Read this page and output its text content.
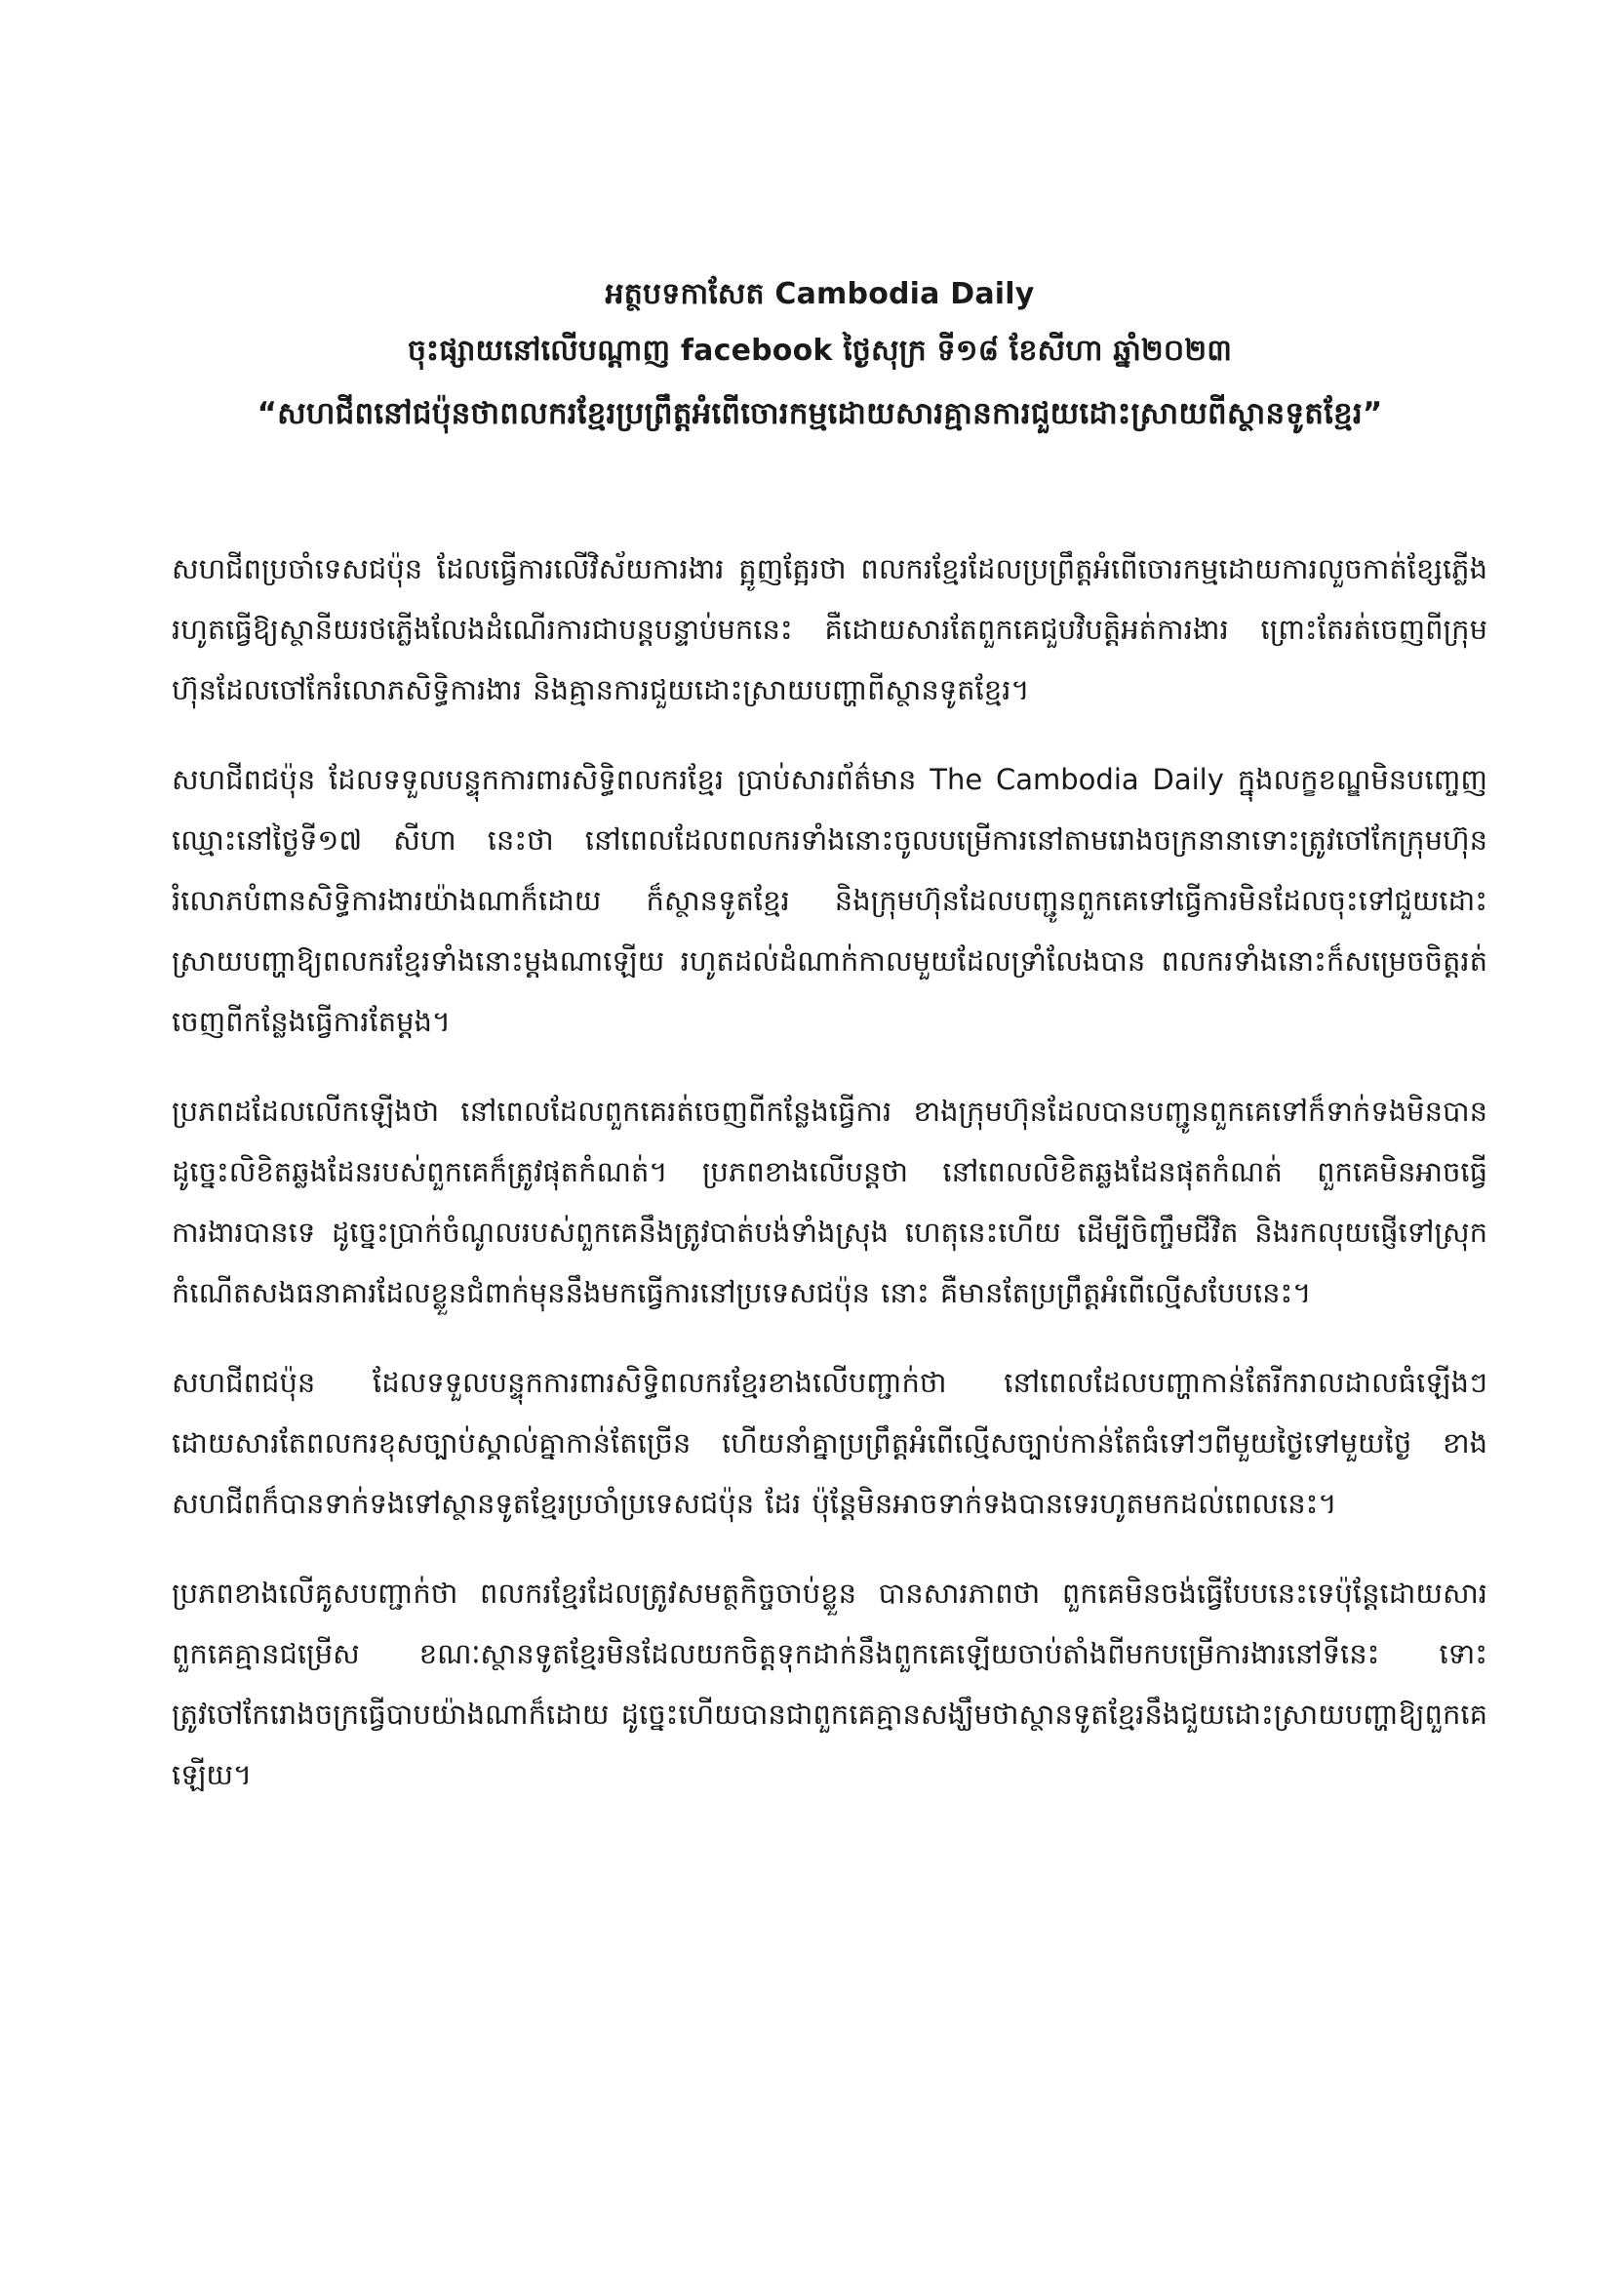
អត្ថបទកាសែត Cambodia Daily
ចុះផ្សាយនៅលើបណ្ដាញ facebook ថ្ងៃសុក្រ ទី១៨ ខែសីហា ឆ្នាំ២០២៣
“សហជីពនៅជប៉ុនថាពលករខ្មែរប្រព្រឹត្តអំពើចោរកម្មដោយសារគ្មានការជួយដោះស្រាយពីស្ថានទូតខ្មែរ”

សហជីពប្រចាំទេសជប៉ុន ដែលធ្វើការលើវិស័យការងារ ត្អូញត្អែរថា ពលករខ្មែរដែលប្រព្រឹត្តអំពើចោរកម្មដោយការលួចកាត់ខ្សែភ្លើងរហូតធ្វើឱ្យស្ថានីយរថភ្លើងលែងដំណើរការជាបន្តបន្ទាប់មកនេះ គឺដោយសារតែពួកគេជួបវិបត្តិអត់ការងារ ព្រោះតែរត់ចេញពីក្រុមហ៊ុនដែលចៅកែរំលោភសិទ្ធិការងារ និងគ្មានការជួយដោះស្រាយបញ្ហាពីស្ថានទូតខ្មែរ។

សហជីពជប៉ុន ដែលទទួលបន្ទុកការពារសិទ្ធិពលករខ្មែរ ប្រាប់សារព័ត៌មាន The Cambodia Daily ក្នុងលក្ខខណ្ឌមិនបញ្ចេញឈ្មោះនៅថ្ងៃទី១៧ សីហា នេះថា នៅពេលដែលពលករទាំងនោះចូលបម្រើការនៅតាមរោងចក្រនានាទោះត្រូវចៅកែក្រុមហ៊ុនរំលោភបំពានសិទ្ធិការងារយ៉ាងណាក៏ដោយ ក៏ស្ថានទូតខ្មែរ និងក្រុមហ៊ុនដែលបញ្ជូនពួកគេទៅធ្វើការមិនដែលចុះទៅជួយដោះស្រាយបញ្ហាឱ្យពលករខ្មែរទាំងនោះម្ដងណាឡើយ រហូតដល់ដំណាក់កាលមួយដែលទ្រាំលែងបាន ពលករទាំងនោះក៏សម្រេចចិត្តរត់ចេញពីកន្លែងធ្វើការតែម្ដង។

ប្រភពដដែលលើកឡើងថា នៅពេលដែលពួកគេរត់ចេញពីកន្លែងធ្វើការ ខាងក្រុមហ៊ុនដែលបានបញ្ជូនពួកគេទៅក៏ទាក់ទងមិនបាន ដូច្នេះលិខិតឆ្លងដែនរបស់ពួកគេក៏ត្រូវផុតកំណត់។ ប្រភពខាងលើបន្តថា នៅពេលលិខិតឆ្លងដែនផុតកំណត់ ពួកគេមិនអាចធ្វើការងារបានទេ ដូច្នេះប្រាក់ចំណូលរបស់ពួកគេនឹងត្រូវបាត់បង់ទាំងស្រុង ហេតុនេះហើយ ដើម្បីចិញ្ចឹមជីវិត និងរកលុយផ្ញើទៅស្រុកកំណើតសងធនាគារដែលខ្លួនជំពាក់មុននឹងមកធ្វើការនៅប្រទេសជប៉ុន នោះ គឺមានតែប្រព្រឹត្តអំពើល្មើសបែបនេះ។

សហជីពជប៉ុន ដែលទទួលបន្ទុកការពារសិទ្ធិពលករខ្មែរខាងលើបញ្ជាក់ថា នៅពេលដែលបញ្ហាកាន់តែរីករាលដាលធំឡើងៗ ដោយសារតែពលករខុសច្បាប់ស្គាល់គ្នាកាន់តែច្រើន ហើយនាំគ្នាប្រព្រឹត្តអំពើល្មើសច្បាប់កាន់តែធំទៅៗពីមួយថ្ងៃទៅមួយថ្ងៃ ខាងសហជីពក៏បានទាក់ទងទៅស្ថានទូតខ្មែរប្រចាំប្រទេសជប៉ុន ដែរ ប៉ុន្តែមិនអាចទាក់ទងបានទេរហូតមកដល់ពេលនេះ។

ប្រភពខាងលើគូសបញ្ជាក់ថា ពលករខ្មែរដែលត្រូវសមត្ថកិច្ចចាប់ខ្លួន បានសារភាពថា ពួកគេមិនចង់ធ្វើបែបនេះទេប៉ុន្តែដោយសារពួកគេគ្មានជម្រើស ខណៈស្ថានទូតខ្មែរមិនដែលយកចិត្តទុកដាក់នឹងពួកគេឡើយចាប់តាំងពីមកបម្រើការងារនៅទីនេះ ទោះត្រូវចៅកែរោងចក្រធ្វើបាបយ៉ាងណាក៏ដោយ ដូច្នេះហើយបានជាពួកគេគ្មានសង្ឃឹមថាស្ថានទូតខ្មែរនឹងជួយដោះស្រាយបញ្ហាឱ្យពួកគេឡើយ។
